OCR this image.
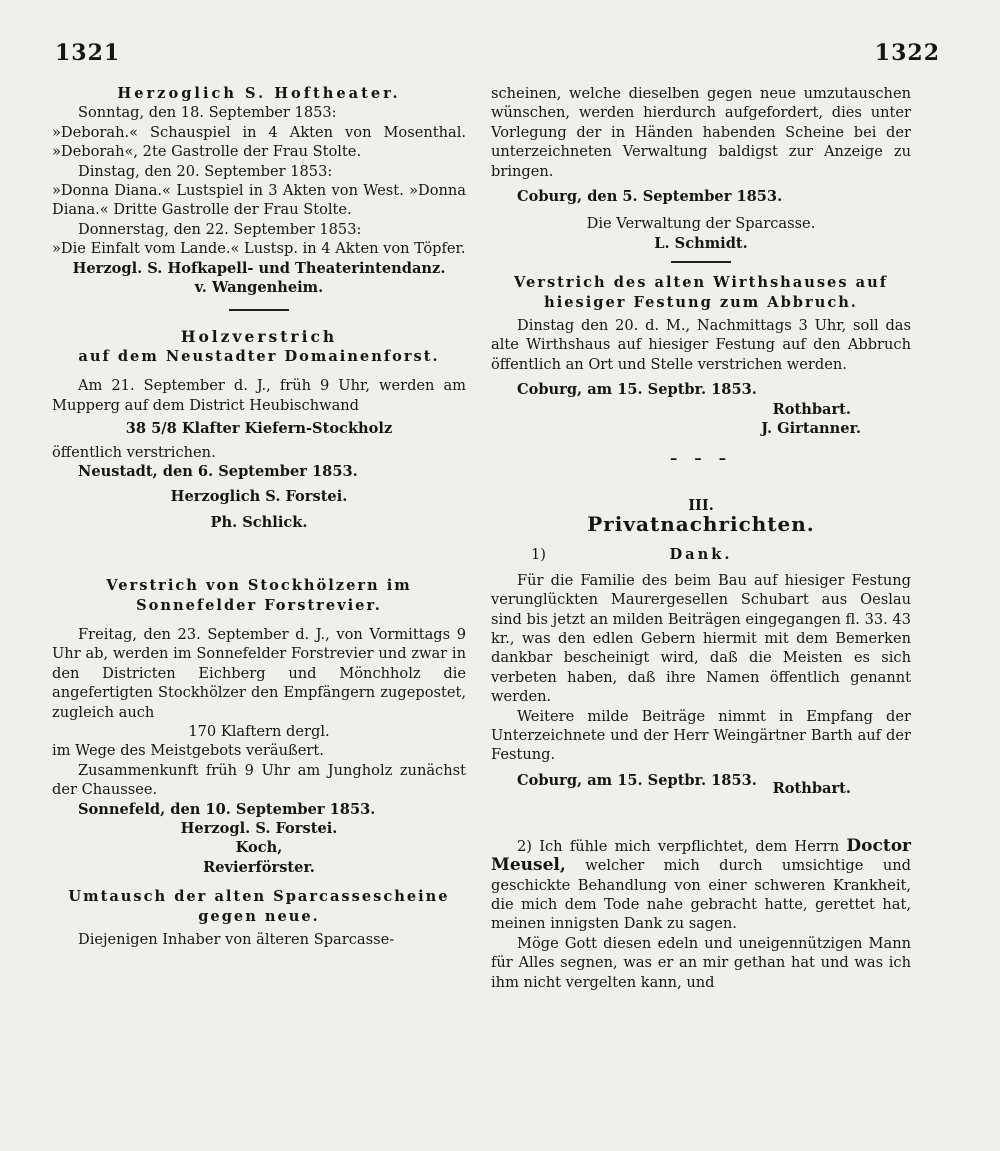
1321	1322
Herzoglich S. Hoftheater.
Sonntag, den 18. September 1853:
»Deborah.« Schauspiel in 4 Akten von Mosenthal. »Deborah«, 2te Gastrolle der Frau Stolte.
Dinstag, den 20. September 1853:
»Donna Diana.« Lustspiel in 3 Akten von West. »Donna Diana.« Dritte Gastrolle der Frau Stolte.
Donnerstag, den 22. September 1853:
»Die Einfalt vom Lande.« Lustsp. in 4 Akten von Töpfer.
Herzogl. S. Hofkapell- und Theaterintendanz.
v. Wangenheim.
Holzverstrich
auf dem Neustadter Domainenforst.
Am 21. September d. J., früh 9 Uhr, werden am Mupperg auf dem District Heubischwand
38 5/8 Klafter Kiefern-Stockholz
öffentlich verstrichen.
Neustadt, den 6. September 1853.
Herzoglich S. Forstei.
Ph. Schlick.
Verstrich von Stockhölzern im Sonnefelder Forstrevier.
Freitag, den 23. September d. J., von Vormittags 9 Uhr ab, werden im Sonnefelder Forstrevier und zwar in den Districten Eichberg und Mönchholz die angefertigten Stockhölzer den Empfängern zugepostet, zugleich auch
170 Klaftern dergl.
im Wege des Meistgebots veräußert.
Zusammenkunft früh 9 Uhr am Jungholz zunächst der Chaussee.
Sonnefeld, den 10. September 1853.
Herzogl. S. Forstei.
Koch,
Revierförster.
Umtausch der alten Sparcassescheine gegen neue.
Diejenigen Inhaber von älteren Sparcasse-
scheinen, welche dieselben gegen neue umzutauschen wünschen, werden hierdurch aufgefordert, dies unter Vorlegung der in Händen habenden Scheine bei der unterzeichneten Verwaltung baldigst zur Anzeige zu bringen.
Coburg, den 5. September 1853.
Die Verwaltung der Sparcasse.
L. Schmidt.
Verstrich des alten Wirthshauses auf hiesiger Festung zum Abbruch.
Dinstag den 20. d. M., Nachmittags 3 Uhr, soll das alte Wirthshaus auf hiesiger Festung auf den Abbruch öffentlich an Ort und Stelle verstrichen werden.
Coburg, am 15. Septbr. 1853.
Rothbart.
J. Girtanner.
– – –
III.
Privatnachrichten.
1)	Dank.
Für die Familie des beim Bau auf hiesiger Festung verunglückten Maurergesellen Schubart aus Oeslau sind bis jetzt an milden Beiträgen eingegangen fl. 33. 43 kr., was den edlen Gebern hiermit mit dem Bemerken dankbar bescheinigt wird, daß die Meisten es sich verbeten haben, daß ihre Namen öffentlich genannt werden.
Weitere milde Beiträge nimmt in Empfang der Unterzeichnete und der Herr Weingärtner Barth auf der Festung.
Coburg, am 15. Septbr. 1853. Rothbart.
2) Ich fühle mich verpflichtet, dem Herrn Doctor Meusel, welcher mich durch umsichtige und geschickte Behandlung von einer schweren Krankheit, die mich dem Tode nahe gebracht hatte, gerettet hat, meinen innigsten Dank zu sagen.
Möge Gott diesen edeln und uneigennützigen Mann für Alles segnen, was er an mir gethan hat und was ich ihm nicht vergelten kann, und
